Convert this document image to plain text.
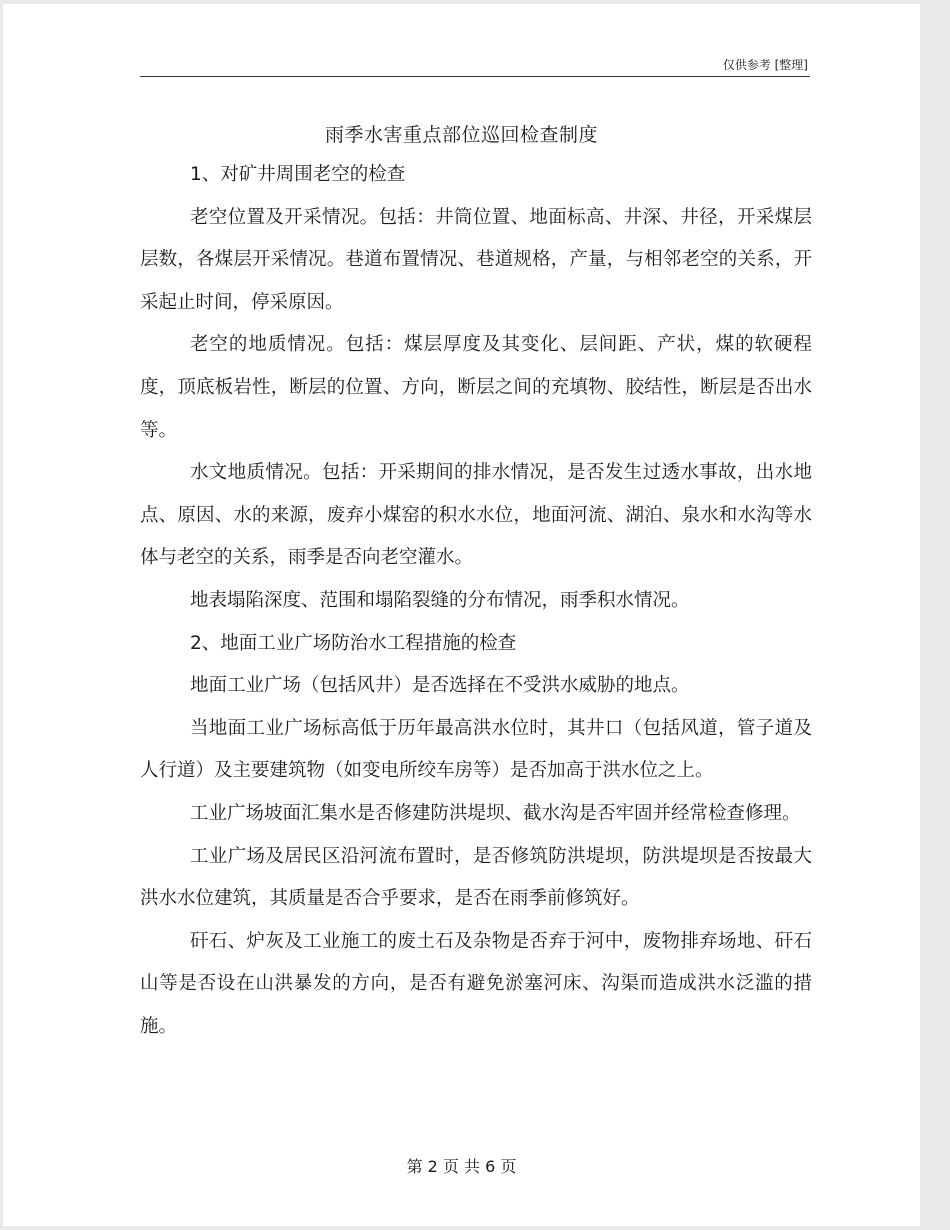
仅供参考 [整理]
雨季水害重点部位巡回检查制度

1、对矿井周围老空的检查

老空位置及开采情况。包括：井筒位置、地面标高、井深、井径，开采煤层层数，各煤层开采情况。巷道布置情况、巷道规格，产量，与相邻老空的关系，开采起止时间，停采原因。

老空的地质情况。包括：煤层厚度及其变化、层间距、产状，煤的软硬程度，顶底板岩性，断层的位置、方向，断层之间的充填物、胶结性，断层是否出水等。

水文地质情况。包括：开采期间的排水情况，是否发生过透水事故，出水地点、原因、水的来源，废弃小煤窑的积水水位，地面河流、湖泊、泉水和水沟等水体与老空的关系，雨季是否向老空灌水。

地表塌陷深度、范围和塌陷裂缝的分布情况，雨季积水情况。

2、地面工业广场防治水工程措施的检查

地面工业广场（包括风井）是否选择在不受洪水威胁的地点。

当地面工业广场标高低于历年最高洪水位时，其井口（包括风道，管子道及人行道）及主要建筑物（如变电所绞车房等）是否加高于洪水位之上。

工业广场坡面汇集水是否修建防洪堤坝、截水沟是否牢固并经常检查修理。

工业广场及居民区沿河流布置时，是否修筑防洪堤坝，防洪堤坝是否按最大洪水水位建筑，其质量是否合乎要求，是否在雨季前修筑好。

矸石、炉灰及工业施工的废土石及杂物是否弃于河中，废物排弃场地、矸石山等是否设在山洪暴发的方向，是否有避免淤塞河床、沟渠而造成洪水泛滥的措施。

第 2 页 共 6 页
